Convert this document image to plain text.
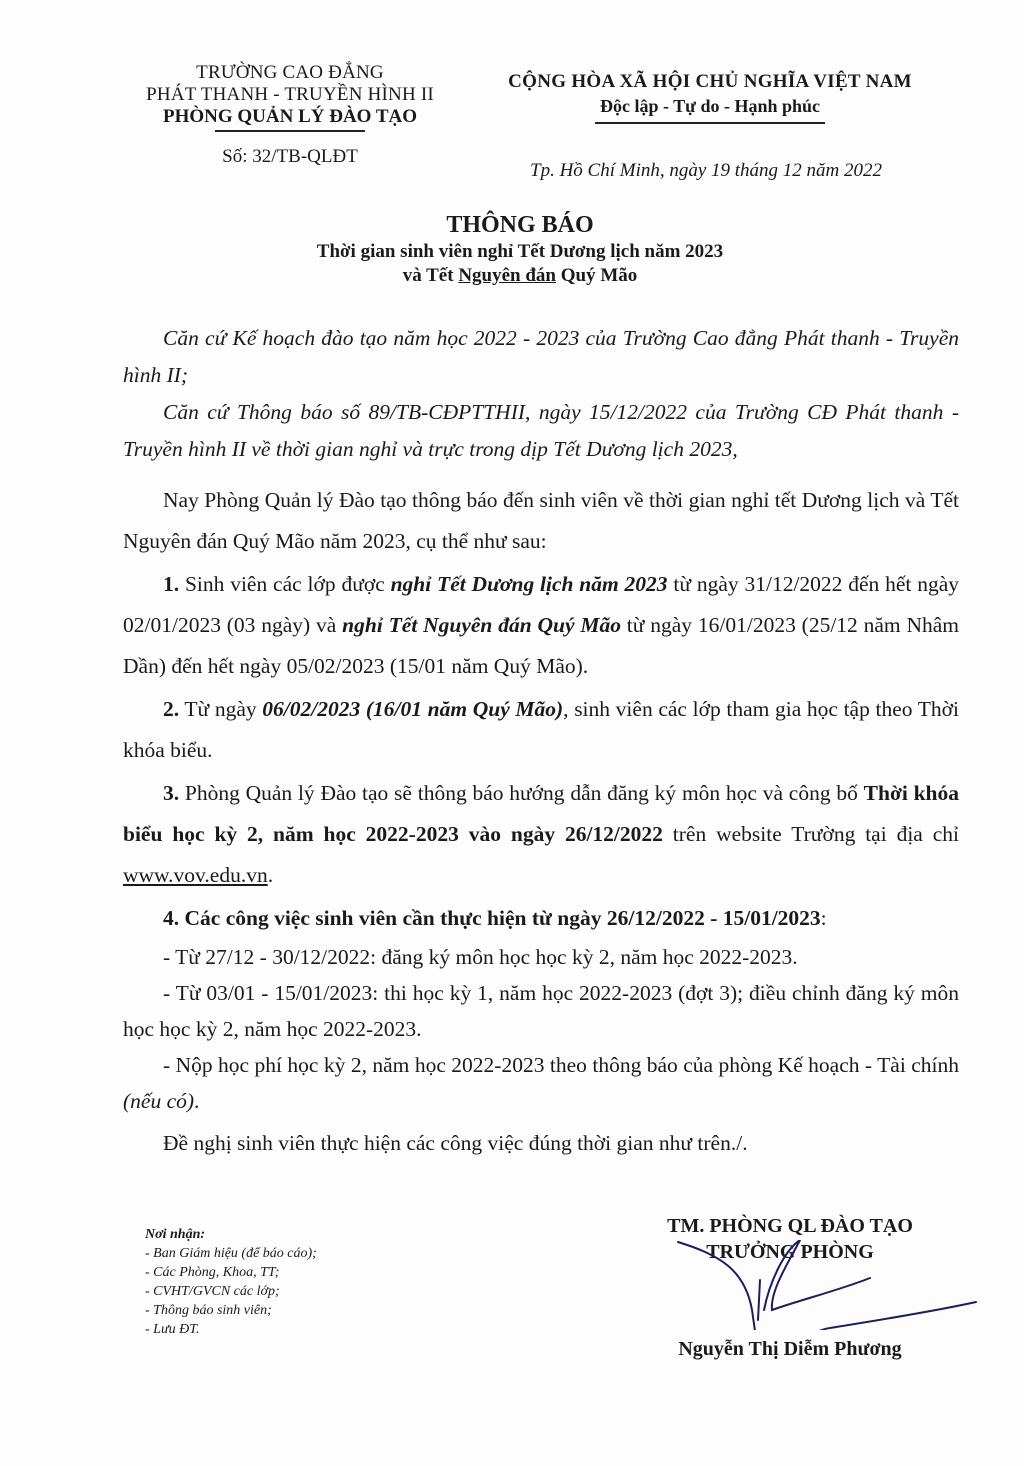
TRƯỜNG CAO ĐẲNG
PHÁT THANH - TRUYỀN HÌNH II
PHÒNG QUẢN LÝ ĐÀO TẠO
Số: 32/TB-QLĐT
CỘNG HÒA XÃ HỘI CHỦ NGHĨA VIỆT NAM
Độc lập - Tự do - Hạnh phúc
Tp. Hồ Chí Minh, ngày 19 tháng 12 năm 2022
THÔNG BÁO
Thời gian sinh viên nghỉ Tết Dương lịch năm 2023
và Tết Nguyên đán Quý Mão

Căn cứ Kế hoạch đào tạo năm học 2022 - 2023 của Trường Cao đẳng Phát thanh - Truyền hình II;

Căn cứ Thông báo số 89/TB-CĐPTTHII, ngày 15/12/2022 của Trường CĐ Phát thanh - Truyền hình II về thời gian nghỉ và trực trong dịp Tết Dương lịch 2023,

Nay Phòng Quản lý Đào tạo thông báo đến sinh viên về thời gian nghỉ tết Dương lịch và Tết Nguyên đán Quý Mão năm 2023, cụ thể như sau:

1. Sinh viên các lớp được nghỉ Tết Dương lịch năm 2023 từ ngày 31/12/2022 đến hết ngày 02/01/2023 (03 ngày) và nghỉ Tết Nguyên đán Quý Mão từ ngày 16/01/2023 (25/12 năm Nhâm Dần) đến hết ngày 05/02/2023 (15/01 năm Quý Mão).

2. Từ ngày 06/02/2023 (16/01 năm Quý Mão), sinh viên các lớp tham gia học tập theo Thời khóa biểu.

3. Phòng Quản lý Đào tạo sẽ thông báo hướng dẫn đăng ký môn học và công bố Thời khóa biểu học kỳ 2, năm học 2022-2023 vào ngày 26/12/2022 trên website Trường tại địa chỉ www.vov.edu.vn.

4. Các công việc sinh viên cần thực hiện từ ngày 26/12/2022 - 15/01/2023:

- Từ 27/12 - 30/12/2022: đăng ký môn học học kỳ 2, năm học 2022-2023.

- Từ 03/01 - 15/01/2023: thi học kỳ 1, năm học 2022-2023 (đợt 3); điều chỉnh đăng ký môn học học kỳ 2, năm học 2022-2023.

- Nộp học phí học kỳ 2, năm học 2022-2023 theo thông báo của phòng Kế hoạch - Tài chính (nếu có).

Đề nghị sinh viên thực hiện các công việc đúng thời gian như trên./.

Nơi nhận:
- Ban Giám hiệu (để báo cáo);
- Các Phòng, Khoa, TT;
- CVHT/GVCN các lớp;
- Thông báo sinh viên;
- Lưu ĐT.
TM. PHÒNG QL ĐÀO TẠO
TRƯỞNG PHÒNG
Nguyễn Thị Diễm Phương
